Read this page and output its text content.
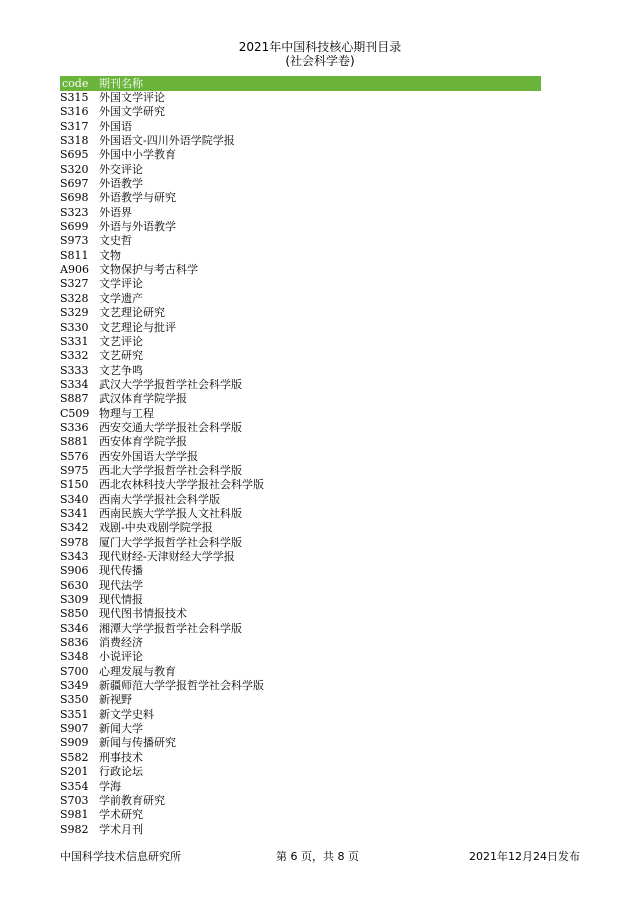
2021年中国科技核心期刊目录
(社会科学卷)
code 期刊名称
S315 外国文学评论
S316 外国文学研究
S317 外国语
S318 外国语文-四川外语学院学报
S695 外国中小学教育
S320 外交评论
S697 外语教学
S698 外语教学与研究
S323 外语界
S699 外语与外语教学
S973 文史哲
S811 文物
A906 文物保护与考古科学
S327 文学评论
S328 文学遗产
S329 文艺理论研究
S330 文艺理论与批评
S331 文艺评论
S332 文艺研究
S333 文艺争鸣
S334 武汉大学学报哲学社会科学版
S887 武汉体育学院学报
C509 物理与工程
S336 西安交通大学学报社会科学版
S881 西安体育学院学报
S576 西安外国语大学学报
S975 西北大学学报哲学社会科学版
S150 西北农林科技大学学报社会科学版
S340 西南大学学报社会科学版
S341 西南民族大学学报人文社科版
S342 戏剧-中央戏剧学院学报
S978 厦门大学学报哲学社会科学版
S343 现代财经-天津财经大学学报
S906 现代传播
S630 现代法学
S309 现代情报
S850 现代图书情报技术
S346 湘潭大学学报哲学社会科学版
S836 消费经济
S348 小说评论
S700 心理发展与教育
S349 新疆师范大学学报哲学社会科学版
S350 新视野
S351 新文学史料
S907 新闻大学
S909 新闻与传播研究
S582 刑事技术
S201 行政论坛
S354 学海
S703 学前教育研究
S981 学术研究
S982 学术月刊
中国科学技术信息研究所	第 6 页，共 8 页	2021年12月24日发布
